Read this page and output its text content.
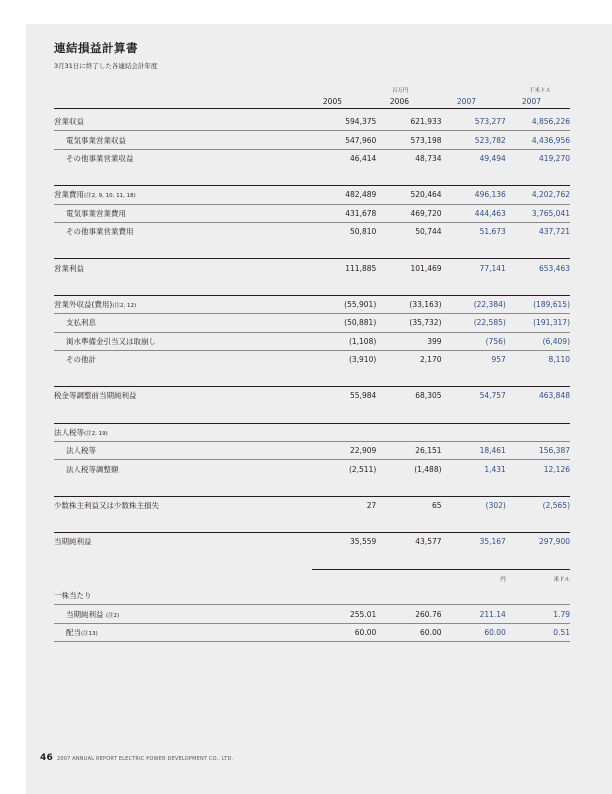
連結損益計算書
3月31日に終了した各連結会計年度
百万円	千米ドル
2005	2006	2007	2007
営業収益	594,375	621,933	573,277	4,856,226
電気事業営業収益	547,960	573,198	523,782	4,436,956
その他事業営業収益	46,414	48,734	49,494	419,270

営業費用(注2, 9, 10, 11, 18)	482,489	520,464	496,136	4,202,762
電気事業営業費用	431,678	469,720	444,463	3,765,041
その他事業営業費用	50,810	50,744	51,673	437,721

営業利益	111,885	101,469	77,141	653,463

営業外収益(費用)(注2, 12)	(55,901)	(33,163)	(22,384)	(189,615)
支払利息	(50,881)	(35,732)	(22,585)	(191,317)
渇水準備金引当又は取崩し	(1,108)	399	(756)	(6,409)
その他計	(3,910)	2,170	957	8,110

税金等調整前当期純利益	55,984	68,305	54,757	463,848

法人税等(注2, 19)				
法人税等	22,909	26,151	18,461	156,387
法人税等調整額	(2,511)	(1,488)	1,431	12,126

少数株主利益又は少数株主損失	27	65	(302)	(2,565)

当期純利益	35,559	43,577	35,167	297,900

			円	米ドル
一株当たり				
当期純利益 (注2)	255.01	260.76	211.14	1.79
配当(注13)	60.00	60.00	60.00	0.51
46 2007 ANNUAL REPORT ELECTRIC POWER DEVELOPMENT CO., LTD.
